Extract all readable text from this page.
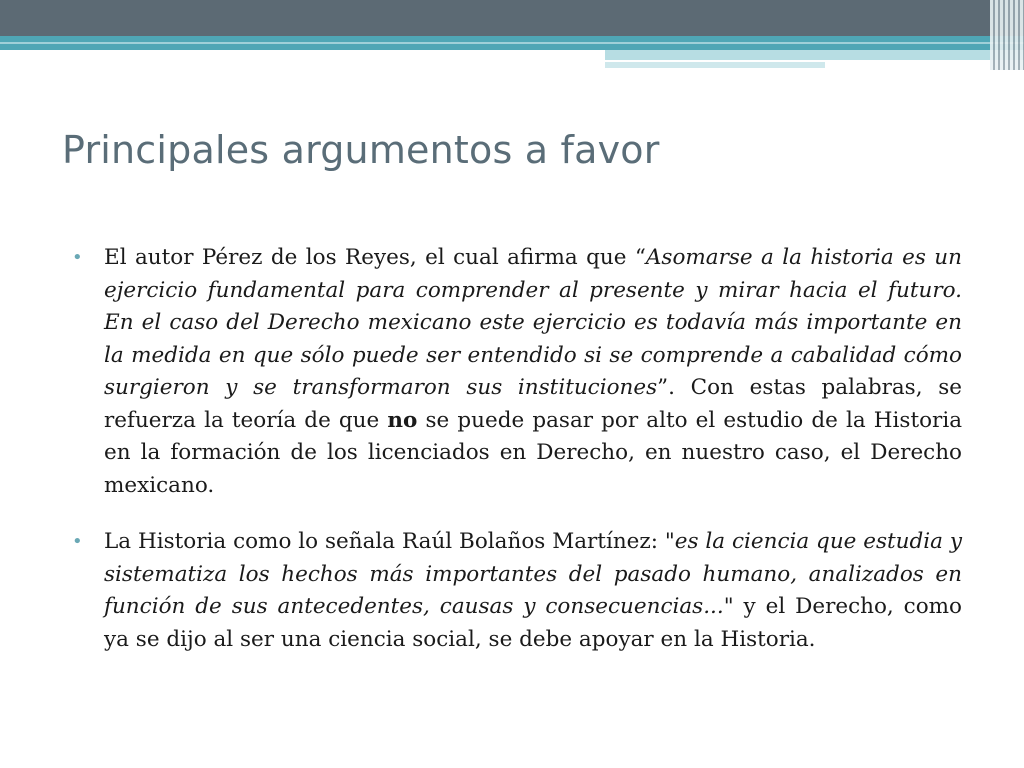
Principales argumentos a favor
• El autor Pérez de los Reyes, el cual afirma que “Asomarse a la historia es un ejercicio fundamental para comprender al presente y mirar hacia el futuro. En el caso del Derecho mexicano este ejercicio es todavía más importante en la medida en que sólo puede ser entendido si se comprende a cabalidad cómo surgieron y se transformaron sus instituciones”. Con estas palabras, se refuerza la teoría de que no se puede pasar por alto el estudio de la Historia en la formación de los licenciados en Derecho, en nuestro caso, el Derecho mexicano.

• La Historia como lo señala Raúl Bolaños Martínez: "es la ciencia que estudia y sistematiza los hechos más importantes del pasado humano, analizados en función de sus antecedentes, causas y consecuencias..." y el Derecho, como ya se dijo al ser una ciencia social, se debe apoyar en la Historia.
